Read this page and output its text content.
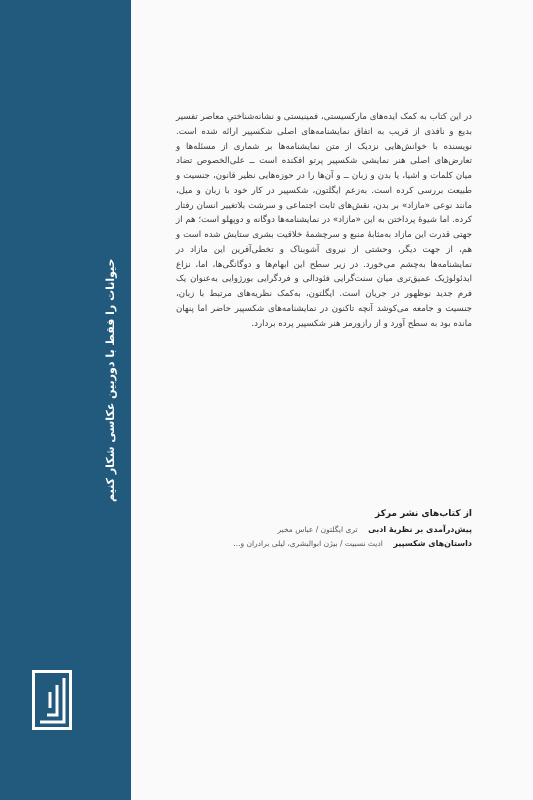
حیوانات را فقط با دوربین عکاسی شکار کنیم
در این کتاب به کمک ایده‌های مارکسیستی، فمینیستی و نشانه‌شناختیِ معاصر تفسیر بدیع و نافذی از قریب به اتفاق نمایشنامه‌های اصلی شکسپیر ارائه شده است. نویسنده با خوانش‌هایی نزدیک از متن نمایشنامه‌ها بر شماری از مسئله‌ها و تعارض‌های اصلی هنر نمایشی شکسپیر پرتو افکنده است ــ علی‌الخصوص تضاد میان کلمات و اشیا، یا بدن و زبان ــ و آن‌ها را در حوزه‌هایی نظیر قانون، جنسیت و طبیعت بررسی کرده است. به‌زعم ایگلتون، شکسپیر در کار خود با زبان و میل، مانند نوعی «مازاد» بر بدن، نقش‌های ثابت اجتماعی و سرشت بلاتغییر انسان رفتار کرده. اما شیوهٔ پرداختن به این «مازاد» در نمایشنامه‌ها دوگانه و دوپهلو است؛ هم از جهتی قدرت این مازاد به‌مثابهٔ منبع و سرچشمهٔ خلاقیت بشری ستایش شده است و هم، از جهت دیگر، وحشتی از نیروی آشوبناک و تخطی‌آفرین این مازاد در نمایشنامه‌ها به‌چشم می‌خورد. در زیر سطح این ابهام‌ها و دوگانگی‌ها، اما، نزاع ایدئولوژیک عمیق‌تری میان سنت‌گرایی فئودالی و فردگرایی بورژوایی به‌عنوان یک فرم جدید نوظهور در جریان است. ایگلتون، به‌کمک نظریه‌های مرتبط با زبان، جنسیت و جامعه می‌کوشد آنچه تاکنون در نمایشنامه‌های شکسپیر حاضر اما پنهان مانده بود به سطح آورد و از رازورمز هنر شکسپیر پرده بردارد.
از کتاب‌های نشر مرکز
پیش‌درآمدی بر نظریهٔ ادبی تری ایگلتون / عباس مخبر
داستان‌های شکسپیر ادیث نسبیت / بیژن ابوالبشری، لیلی برادران و...
